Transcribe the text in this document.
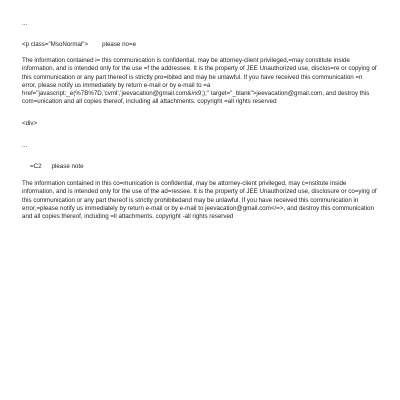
...
<p class="MsoNormal"> please no=e
The information contained i= this communication is confidential, may be attorney-client privileged,=may constitute inside information, and is intended only for the use =f the addressee. It is the property of JEE Unauthorized use, disclos=re or copying of this communication or any part thereof is strictly pro=ibited and may be unlawful. If you have received this communication =n error, please notify us immediately by return e-mail or by e-mail to =a href="javascript:_e(%7B%7D,'cvml','jeevacation@gmail.com&#x9;);" target="_blank">jeevacation@gmail.com, and destroy this com=unication and all copies thereof, including all attachments. copyright =all rights reserved
<div>
...
=C2 please note
The information contained in this co=munication is confidential, may be attorney-client privileged, may c=nstitute inside information, and is intended only for the use of the ad=ressee. It is the property of JEE Unauthorized use, disclosure or co=ying of this communication or any part thereof is strictly prohibitedand may be unlawful. If you have received this communication in error,=please notify us immediately by return e-mail or by e-mail to jeevacation@gmail.com</=>, and destroy this communication and all copies thereof, including =ll attachments. copyright -all rights reserved
